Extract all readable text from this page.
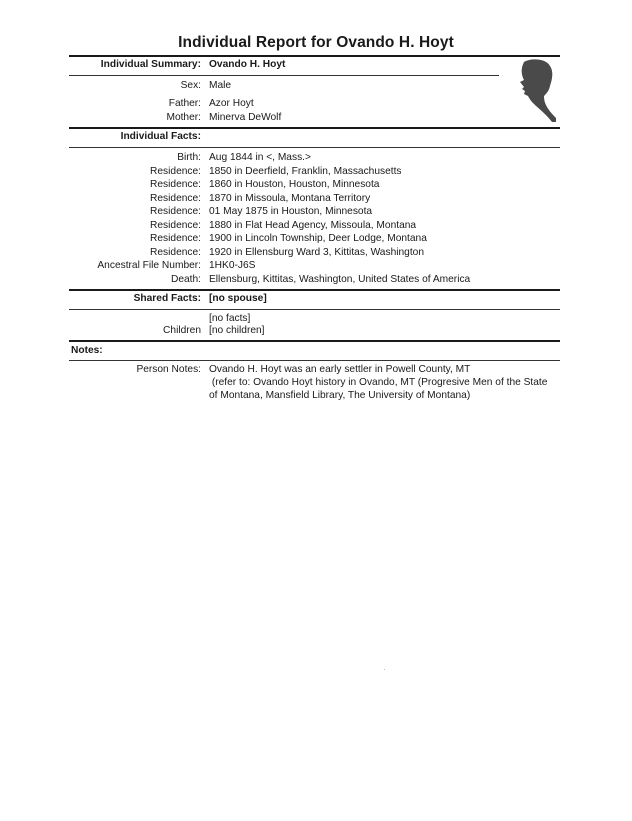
Individual Report for Ovando H. Hoyt
Individual Summary: Ovando H. Hoyt
Sex: Male
Father: Azor Hoyt
Mother: Minerva DeWolf
Individual Facts:
Birth: Aug 1844 in <, Mass.>
Residence: 1850 in Deerfield, Franklin, Massachusetts
Residence: 1860 in Houston, Houston, Minnesota
Residence: 1870 in Missoula, Montana Territory
Residence: 01 May 1875 in Houston, Minnesota
Residence: 1880 in Flat Head Agency, Missoula, Montana
Residence: 1900 in Lincoln Township, Deer Lodge, Montana
Residence: 1920 in Ellensburg Ward 3, Kittitas, Washington
Ancestral File Number: 1HK0-J6S
Death: Ellensburg, Kittitas, Washington, United States of America
Shared Facts: [no spouse]
[no facts]
Children [no children]
Notes:
Person Notes: Ovando H. Hoyt was an early settler in Powell County, MT
(refer to: Ovando Hoyt history in Ovando, MT (Progresive Men of the State
of Montana, Mansfield Library, The University of Montana)
